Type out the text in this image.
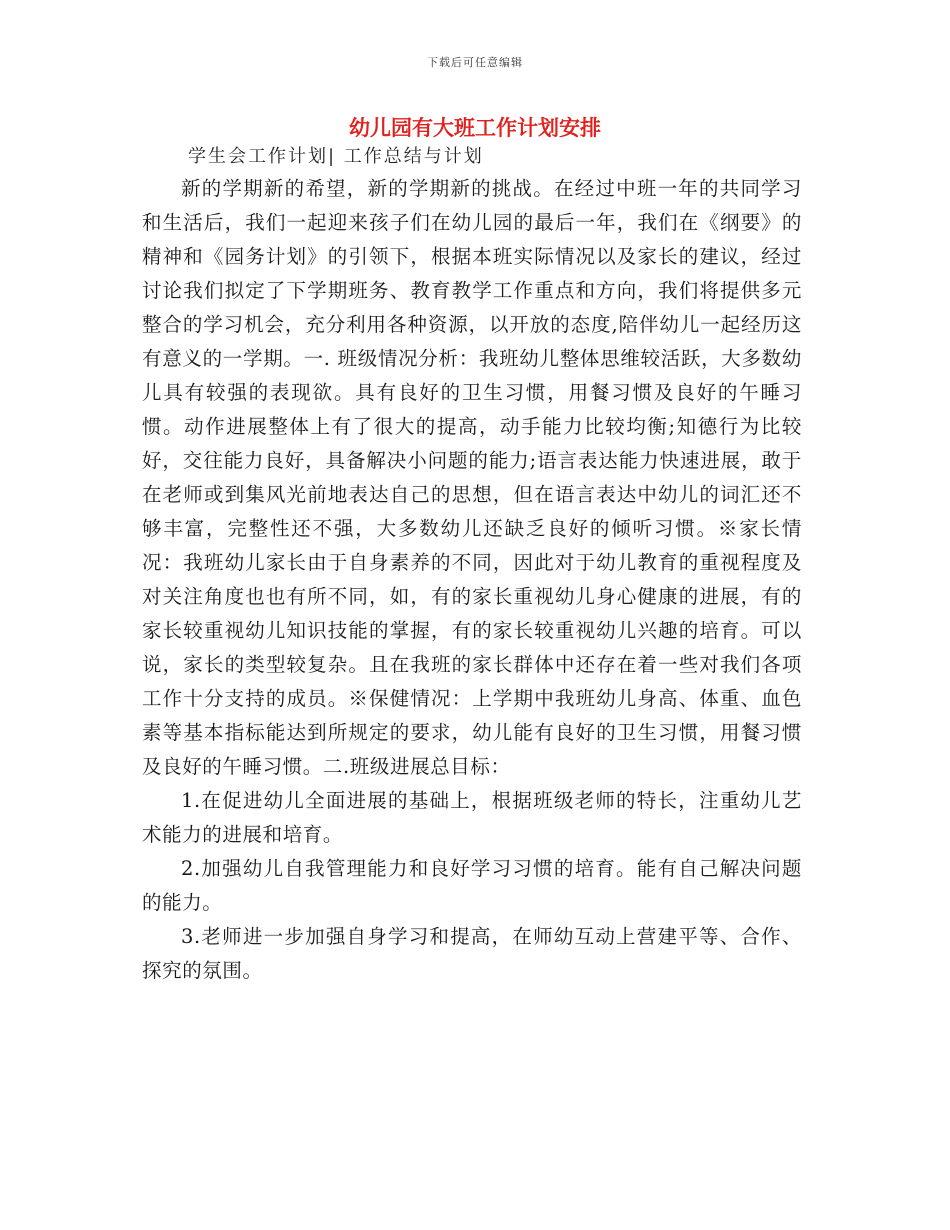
下载后可任意编辑
幼儿园有大班工作计划安排
学生会工作计划| 工作总结与计划

新的学期新的希望，新的学期新的挑战。在经过中班一年的共同学习和生活后，我们一起迎来孩子们在幼儿园的最后一年，我们在《纲要》的精神和《园务计划》的引领下，根据本班实际情况以及家长的建议，经过讨论我们拟定了下学期班务、教育教学工作重点和方向，我们将提供多元整合的学习机会，充分利用各种资源，以开放的态度,陪伴幼儿一起经历这有意义的一学期。一. 班级情况分析：我班幼儿整体思维较活跃，大多数幼儿具有较强的表现欲。具有良好的卫生习惯，用餐习惯及良好的午睡习惯。动作进展整体上有了很大的提高，动手能力比较均衡;知德行为比较好，交往能力良好，具备解决小问题的能力;语言表达能力快速进展，敢于在老师或到集风光前地表达自己的思想，但在语言表达中幼儿的词汇还不够丰富，完整性还不强，大多数幼儿还缺乏良好的倾听习惯。※家长情况：我班幼儿家长由于自身素养的不同，因此对于幼儿教育的重视程度及对关注角度也也有所不同，如，有的家长重视幼儿身心健康的进展，有的家长较重视幼儿知识技能的掌握，有的家长较重视幼儿兴趣的培育。可以说，家长的类型较复杂。且在我班的家长群体中还存在着一些对我们各项工作十分支持的成员。※保健情况：上学期中我班幼儿身高、体重、血色素等基本指标能达到所规定的要求，幼儿能有良好的卫生习惯，用餐习惯及良好的午睡习惯。二.班级进展总目标：

1.在促进幼儿全面进展的基础上，根据班级老师的特长，注重幼儿艺术能力的进展和培育。

2.加强幼儿自我管理能力和良好学习习惯的培育。能有自己解决问题的能力。

3.老师进一步加强自身学习和提高，在师幼互动上营建平等、合作、探究的氛围。
